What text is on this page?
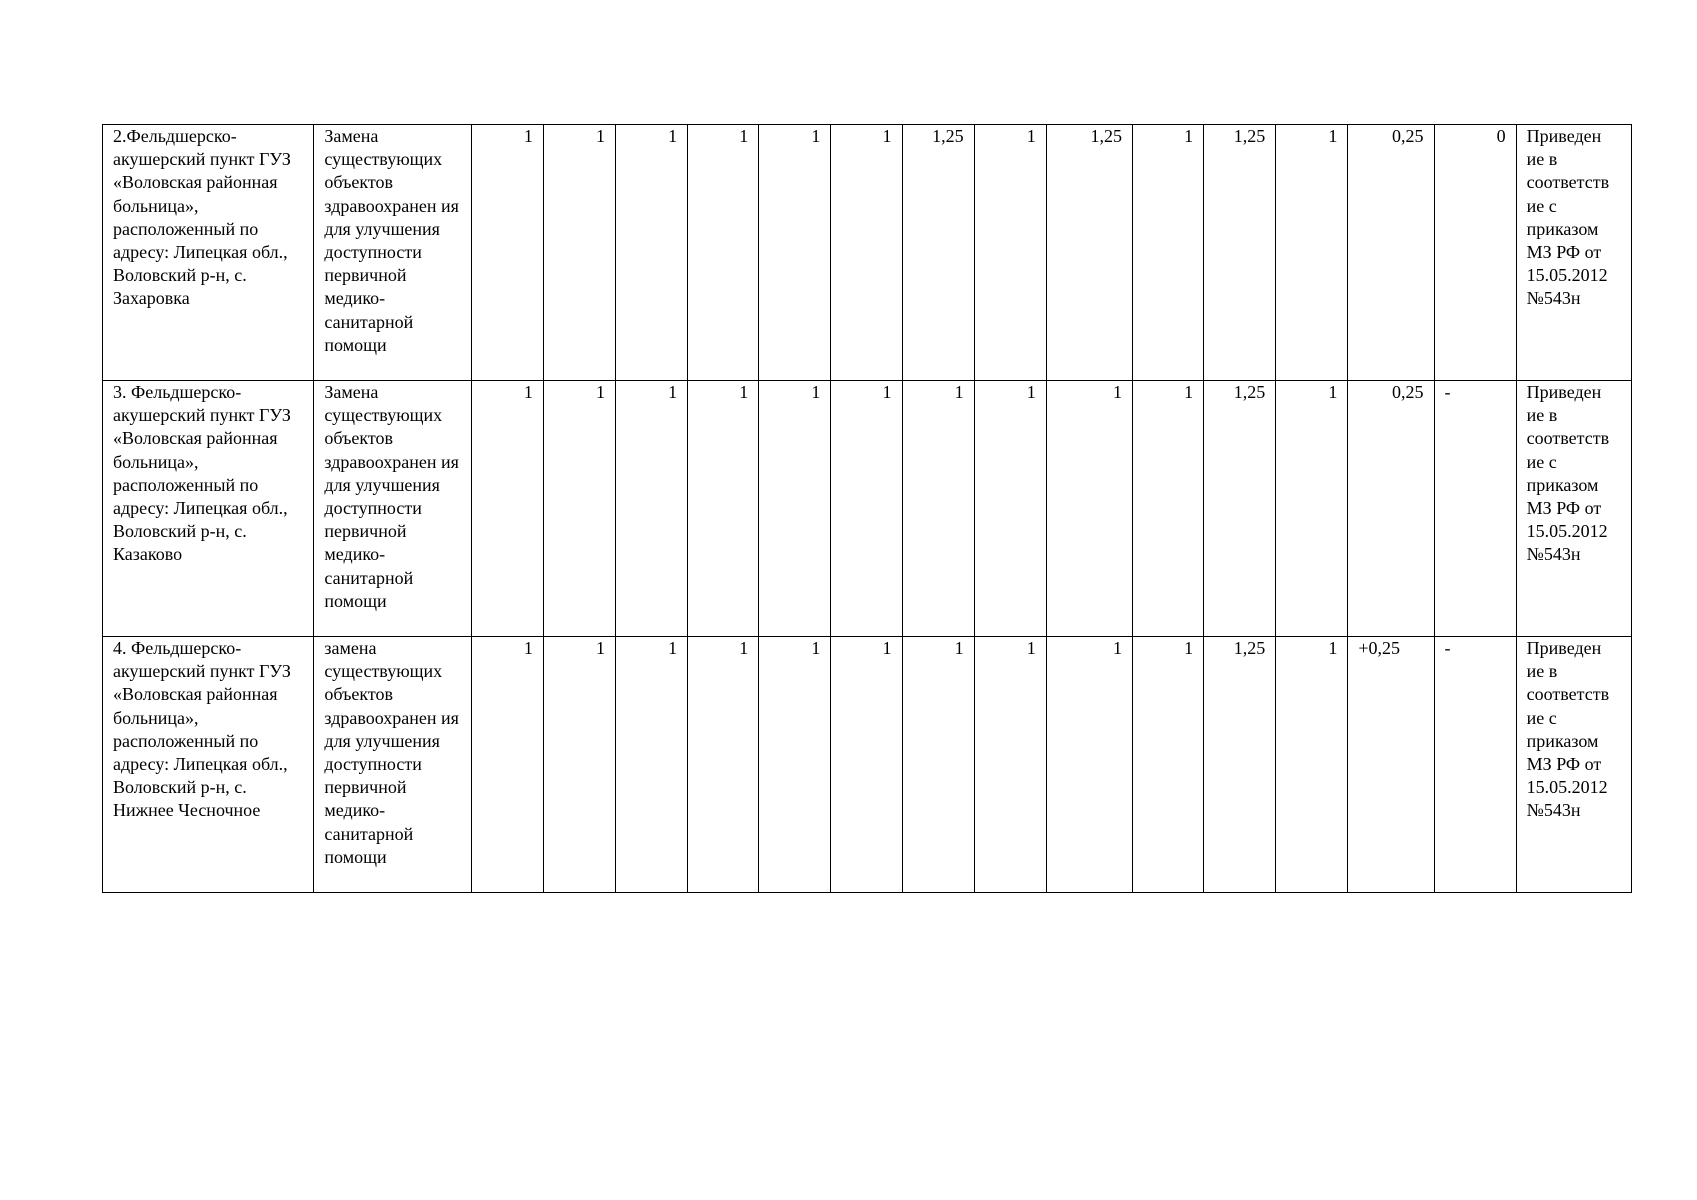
2.Фельдшерско- акушерский пункт ГУЗ «Воловская районная больница», расположенный по адресу: Липецкая обл., Воловский р-н, с. Захаровка	Замена существующих объектов здравоохранен ия для улучшения доступности первичной медико- санитарной помощи	1	1	1	1	1	1	1,25	1	1,25	1	1,25	1	0,25	0	Приведен ие в соответств ие с приказом МЗ РФ от 15.05.2012 №543н
3. Фельдшерско- акушерский пункт ГУЗ «Воловская районная больница», расположенный по адресу: Липецкая обл., Воловский р-н, с. Казаково	Замена существующих объектов здравоохранен ия для улучшения доступности первичной медико- санитарной помощи	1	1	1	1	1	1	1	1	1	1	1,25	1	0,25	-	Приведен ие в соответств ие с приказом МЗ РФ от 15.05.2012 №543н
4. Фельдшерско- акушерский пункт ГУЗ «Воловская районная больница», расположенный по адресу: Липецкая обл., Воловский р-н, с. Нижнее Чесночное	замена существующих объектов здравоохранен ия для улучшения доступности первичной медико- санитарной помощи	1	1	1	1	1	1	1	1	1	1	1,25	1	+0,25	-	Приведен ие в соответств ие с приказом МЗ РФ от 15.05.2012 №543н
